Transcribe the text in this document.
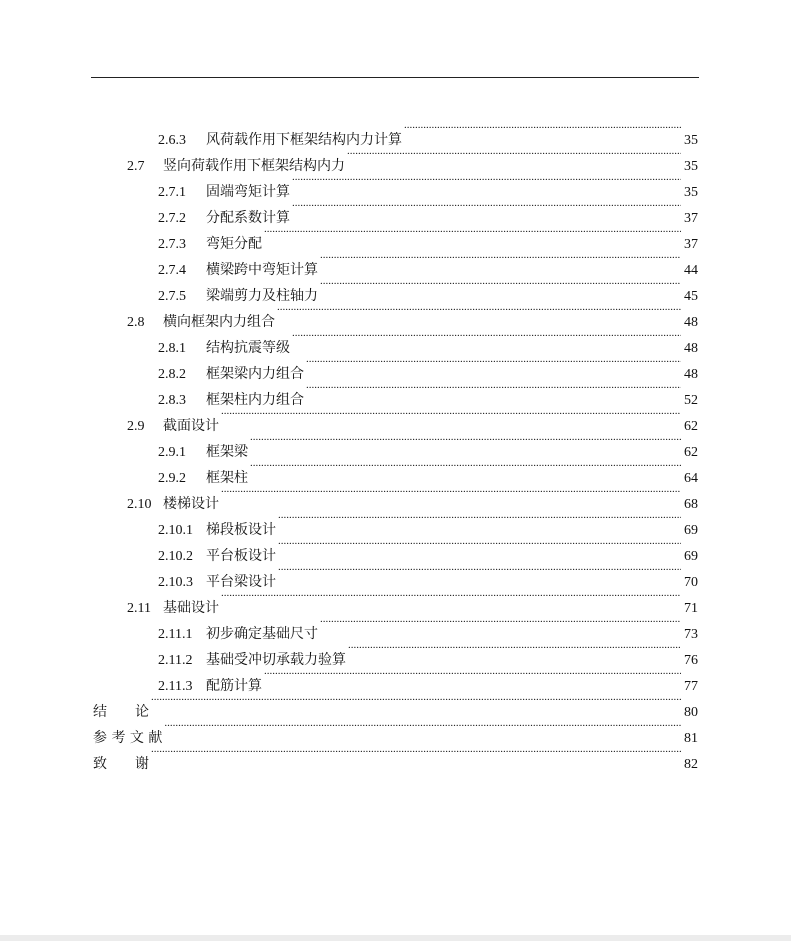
2.6.3	风荷载作用下框架结构内力计算 .....	35
2.7	竖向荷载作用下框架结构内力 .....	35
2.7.1	固端弯矩计算 .....	35
2.7.2	分配系数计算 .....	37
2.7.3	弯矩分配 .....	37
2.7.4	横梁跨中弯矩计算 .....	44
2.7.5	梁端剪力及柱轴力 .....	45
2.8	横向框架内力组合 .....	48
2.8.1	结构抗震等级 .....	48
2.8.2	框架梁内力组合 .....	48
2.8.3	框架柱内力组合 .....	52
2.9	截面设计 .....	62
2.9.1	框架梁 .....	62
2.9.2	框架柱 .....	64
2.10 楼梯设计 .....	68
2.10.1 梯段板设计 .....	69
2.10.2 平台板设计 .....	69
2.10.3 平台梁设计 .....	70
2.11 基础设计 .....	71
2.11.1 初步确定基础尺寸 .....	73
2.11.2 基础受冲切承载力验算 .....	76
2.11.3 配筋计算 .....	77
结　　论 .....	80
参 考 文 献 .....	81
致　　谢 .....	82
